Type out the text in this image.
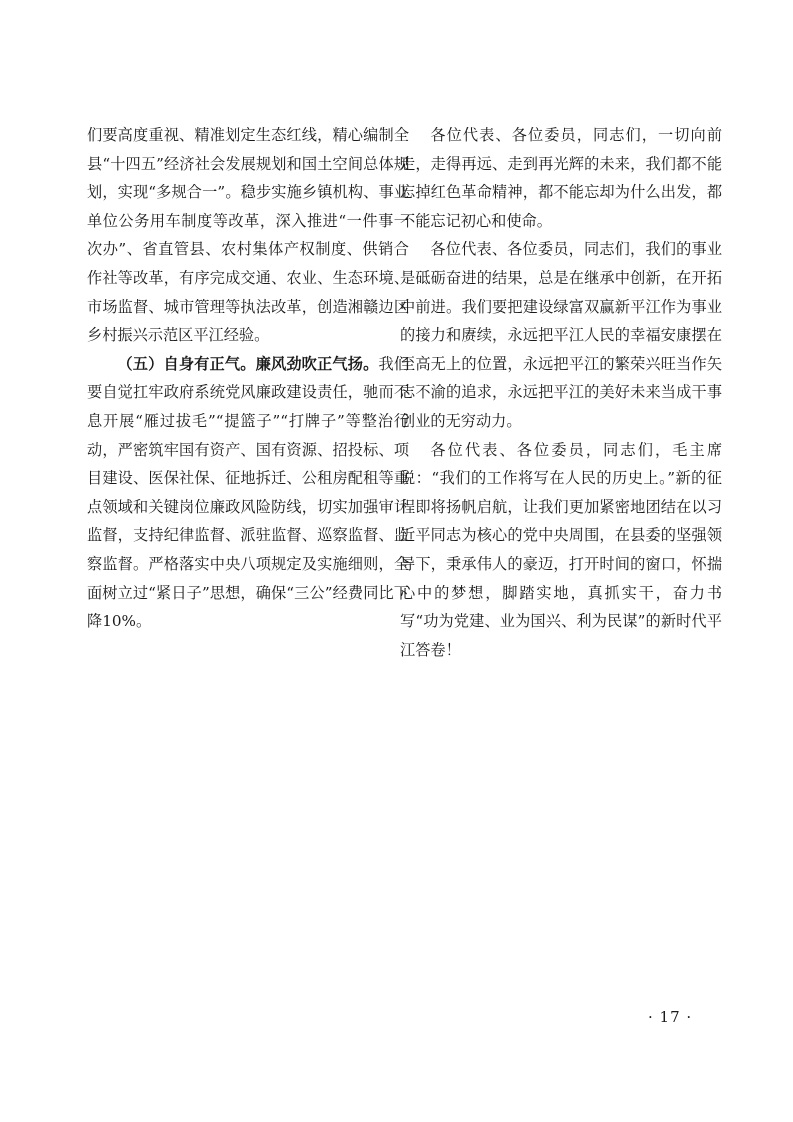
们要高度重视、精准划定生态红线，精心编制全县“十四五”经济社会发展规划和国土空间总体规划，实现“多规合一”。稳步实施乡镇机构、事业单位公务用车制度等改革，深入推进“一件事一次办”、省直管县、农村集体产权制度、供销合作社等改革，有序完成交通、农业、生态环境、市场监督、城市管理等执法改革，创造湘赣边区乡村振兴示范区平江经验。

（五）自身有正气。廉风劲吹正气扬。我们要自觉扛牢政府系统党风廉政建设责任，驰而不息开展“雁过拔毛”“提篮子”“打牌子”等整治行动，严密筑牢国有资产、国有资源、招投标、项目建设、医保社保、征地拆迁、公租房配租等重点领域和关键岗位廉政风险防线，切实加强审计监督，支持纪律监督、派驻监督、巡察监督、监察监督。严格落实中央八项规定及实施细则，全面树立过“紧日子”思想，确保“三公”经费同比下降10%。

各位代表、各位委员，同志们，一切向前走，走得再远、走到再光辉的未来，我们都不能忘掉红色革命精神，都不能忘却为什么出发，都不能忘记初心和使命。

各位代表、各位委员，同志们，我们的事业是砥砺奋进的结果，总是在继承中创新，在开拓中前进。我们要把建设绿富双赢新平江作为事业的接力和赓续，永远把平江人民的幸福安康摆在至高无上的位置，永远把平江的繁荣兴旺当作矢志不渝的追求，永远把平江的美好未来当成干事创业的无穷动力。

各位代表、各位委员，同志们，毛主席说：“我们的工作将写在人民的历史上。”新的征程即将扬帆启航，让我们更加紧密地团结在以习近平同志为核心的党中央周围，在县委的坚强领导下，秉承伟人的豪迈，打开时间的窗口，怀揣心中的梦想，脚踏实地，真抓实干，奋力书写“功为党建、业为国兴、利为民谋”的新时代平江答卷！

· 17 ·
